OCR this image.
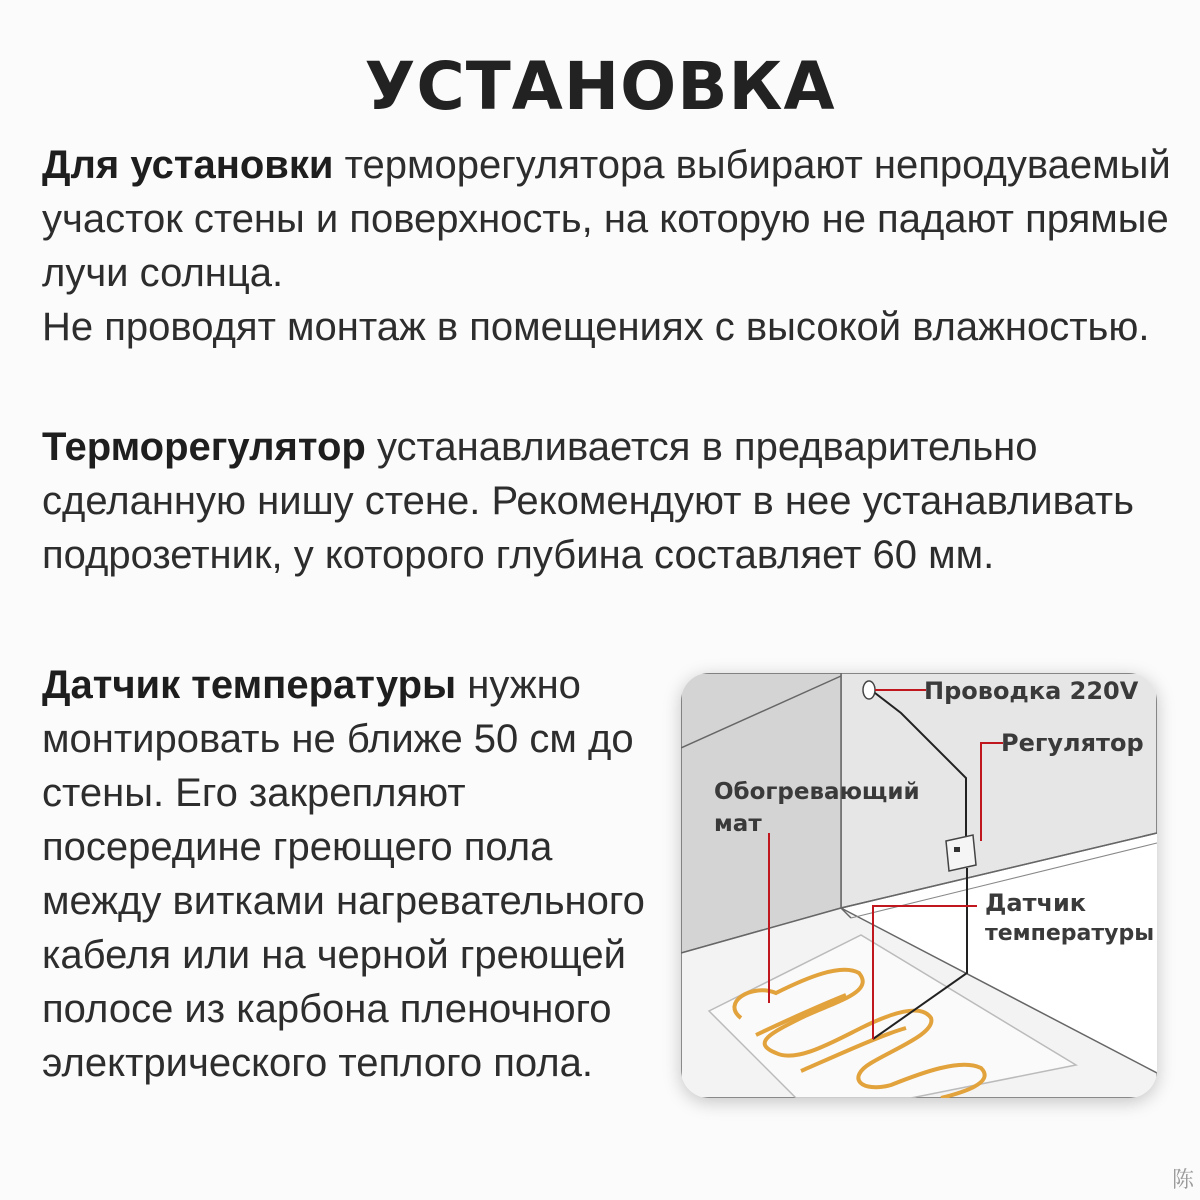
УСТАНОВКА
Для установки терморегулятора выбирают непродуваемый участок стены и поверхность, на которую не падают прямые лучи солнца.
Не проводят монтаж в помещениях с высокой влажностью.
Терморегулятор устанавливается в предварительно сделанную нишу стене. Рекомендуют в нее устанавливать подрозетник, у которого глубина составляет 60 мм.
Датчик температуры нужно монтировать не ближе 50 см до стены. Его закрепляют посередине греющего пола между витками нагревательного кабеля или на черной греющей полосе из карбона пленочного электрического теплого пола.
Проводка 220V
Регулятор
Обогревающий
мат
Датчик
температуры
陈
